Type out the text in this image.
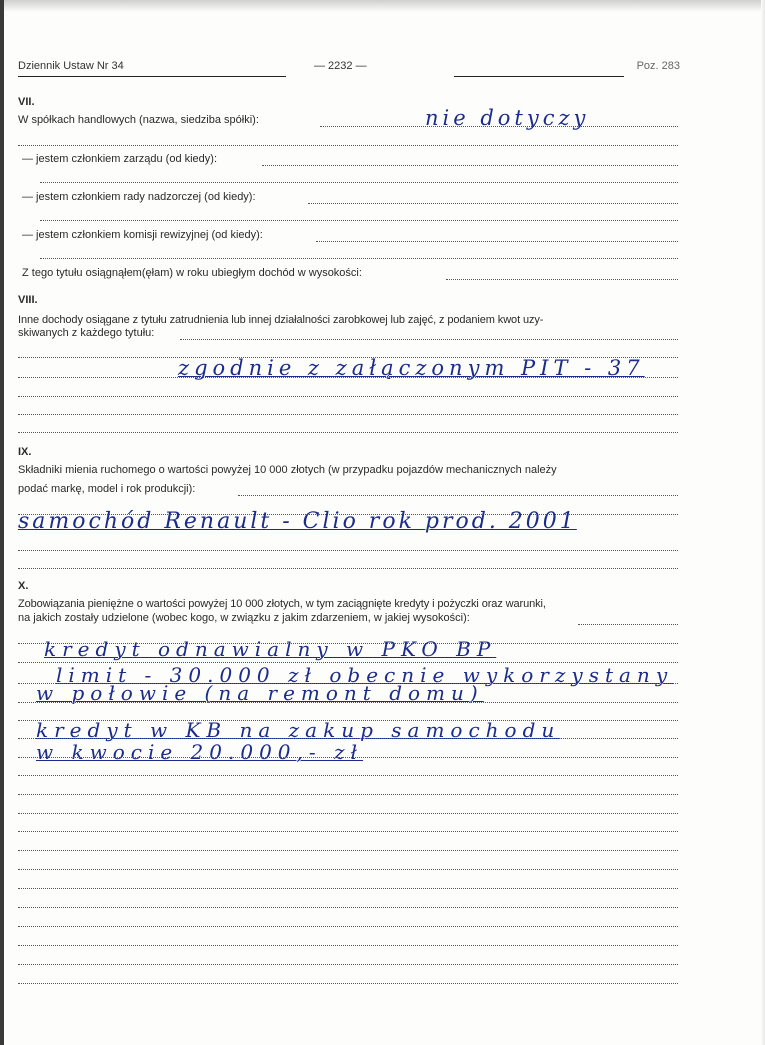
Dziennik Ustaw Nr 34	— 2232 —	Poz. 283
VII.
W spółkach handlowych (nazwa, siedziba spółki):	nie dotyczy
— jestem członkiem zarządu (od kiedy):
— jestem członkiem rady nadzorczej (od kiedy):
— jestem członkiem komisji rewizyjnej (od kiedy):
Z tego tytułu osiągnąłem(ęłam) w roku ubiegłym dochód w wysokości:
VIII.
Inne dochody osiągane z tytułu zatrudnienia lub innej działalności zarobkowej lub zajęć, z podaniem kwot uzy-
skiwanych z każdego tytułu:
zgodnie z załączonym PIT - 37
IX.
Składniki mienia ruchomego o wartości powyżej 10 000 złotych (w przypadku pojazdów mechanicznych należy
podać markę, model i rok produkcji):
samochód Renault - Clio rok prod. 2001
X.
Zobowiązania pieniężne o wartości powyżej 10 000 złotych, w tym zaciągnięte kredyty i pożyczki oraz warunki,
na jakich zostały udzielone (wobec kogo, w związku z jakim zdarzeniem, w jakiej wysokości):
kredyt odnawialny w PKO BP
limit - 30.000 zł obecnie wykorzystany
w połowie (na remont domu)
kredyt w KB na zakup samochodu
w kwocie 20.000,- zł
